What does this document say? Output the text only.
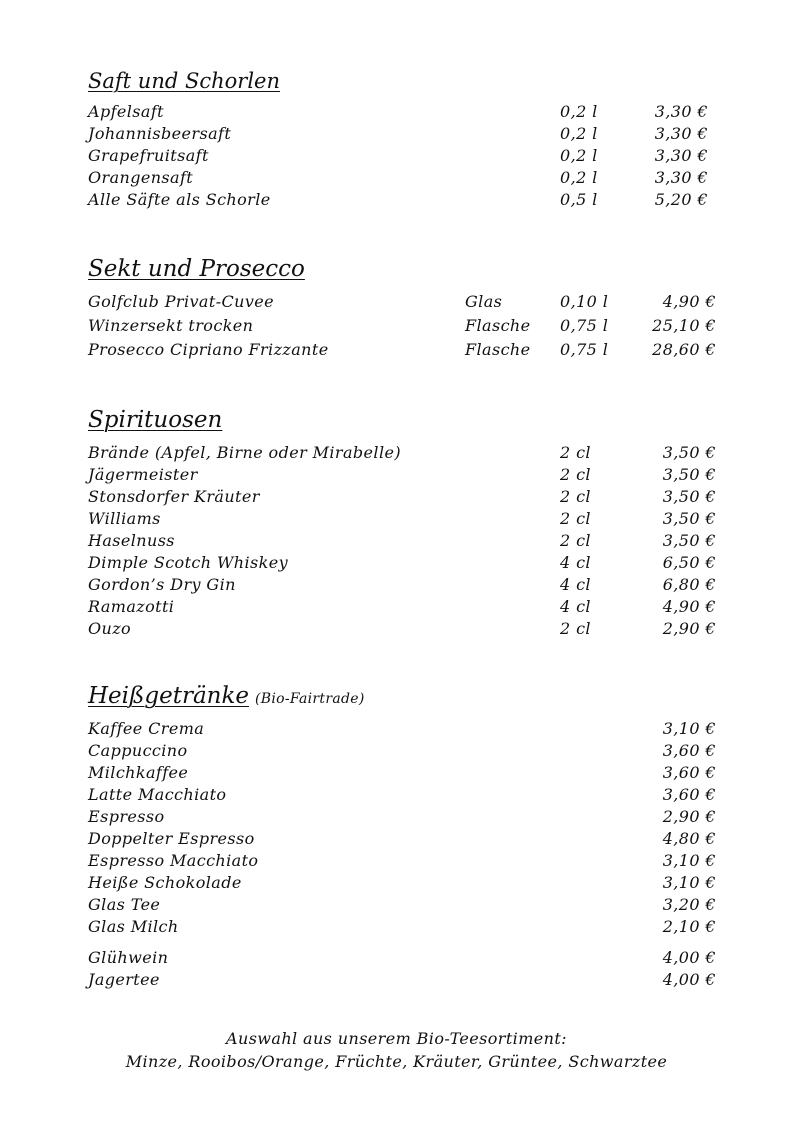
Saft und Schorlen
Apfelsaft	0,2 l	3,30 €
Johannisbeersaft	0,2 l	3,30 €
Grapefruitsaft	0,2 l	3,30 €
Orangensaft	0,2 l	3,30 €
Alle Säfte als Schorle	0,5 l	5,20 €
Sekt und Prosecco
Golfclub Privat-Cuvee	Glas	0,10 l	4,90 €
Winzersekt trocken	Flasche 0,75 l	25,10 €
Prosecco Cipriano Frizzante	Flasche 0,75 l	28,60 €
Spirituosen
Brände (Apfel, Birne oder Mirabelle)	2 cl	3,50 €
Jägermeister	2 cl	3,50 €
Stonsdorfer Kräuter	2 cl	3,50 €
Williams	2 cl	3,50 €
Haselnuss	2 cl	3,50 €
Dimple Scotch Whiskey	4 cl	6,50 €
Gordon’s Dry Gin	4 cl	6,80 €
Ramazotti	4 cl	4,90 €
Ouzo	2 cl	2,90 €
Heißgetränke (Bio-Fairtrade)
Kaffee Crema	3,10 €
Cappuccino	3,60 €
Milchkaffee	3,60 €
Latte Macchiato	3,60 €
Espresso	2,90 €
Doppelter Espresso	4,80 €
Espresso Macchiato	3,10 €
Heiße Schokolade	3,10 €
Glas Tee	3,20 €
Glas Milch	2,10 €
Glühwein	4,00 €
Jagertee	4,00 €
Auswahl aus unserem Bio-Teesortiment:
Minze, Rooibos/Orange, Früchte, Kräuter, Grüntee, Schwarztee
